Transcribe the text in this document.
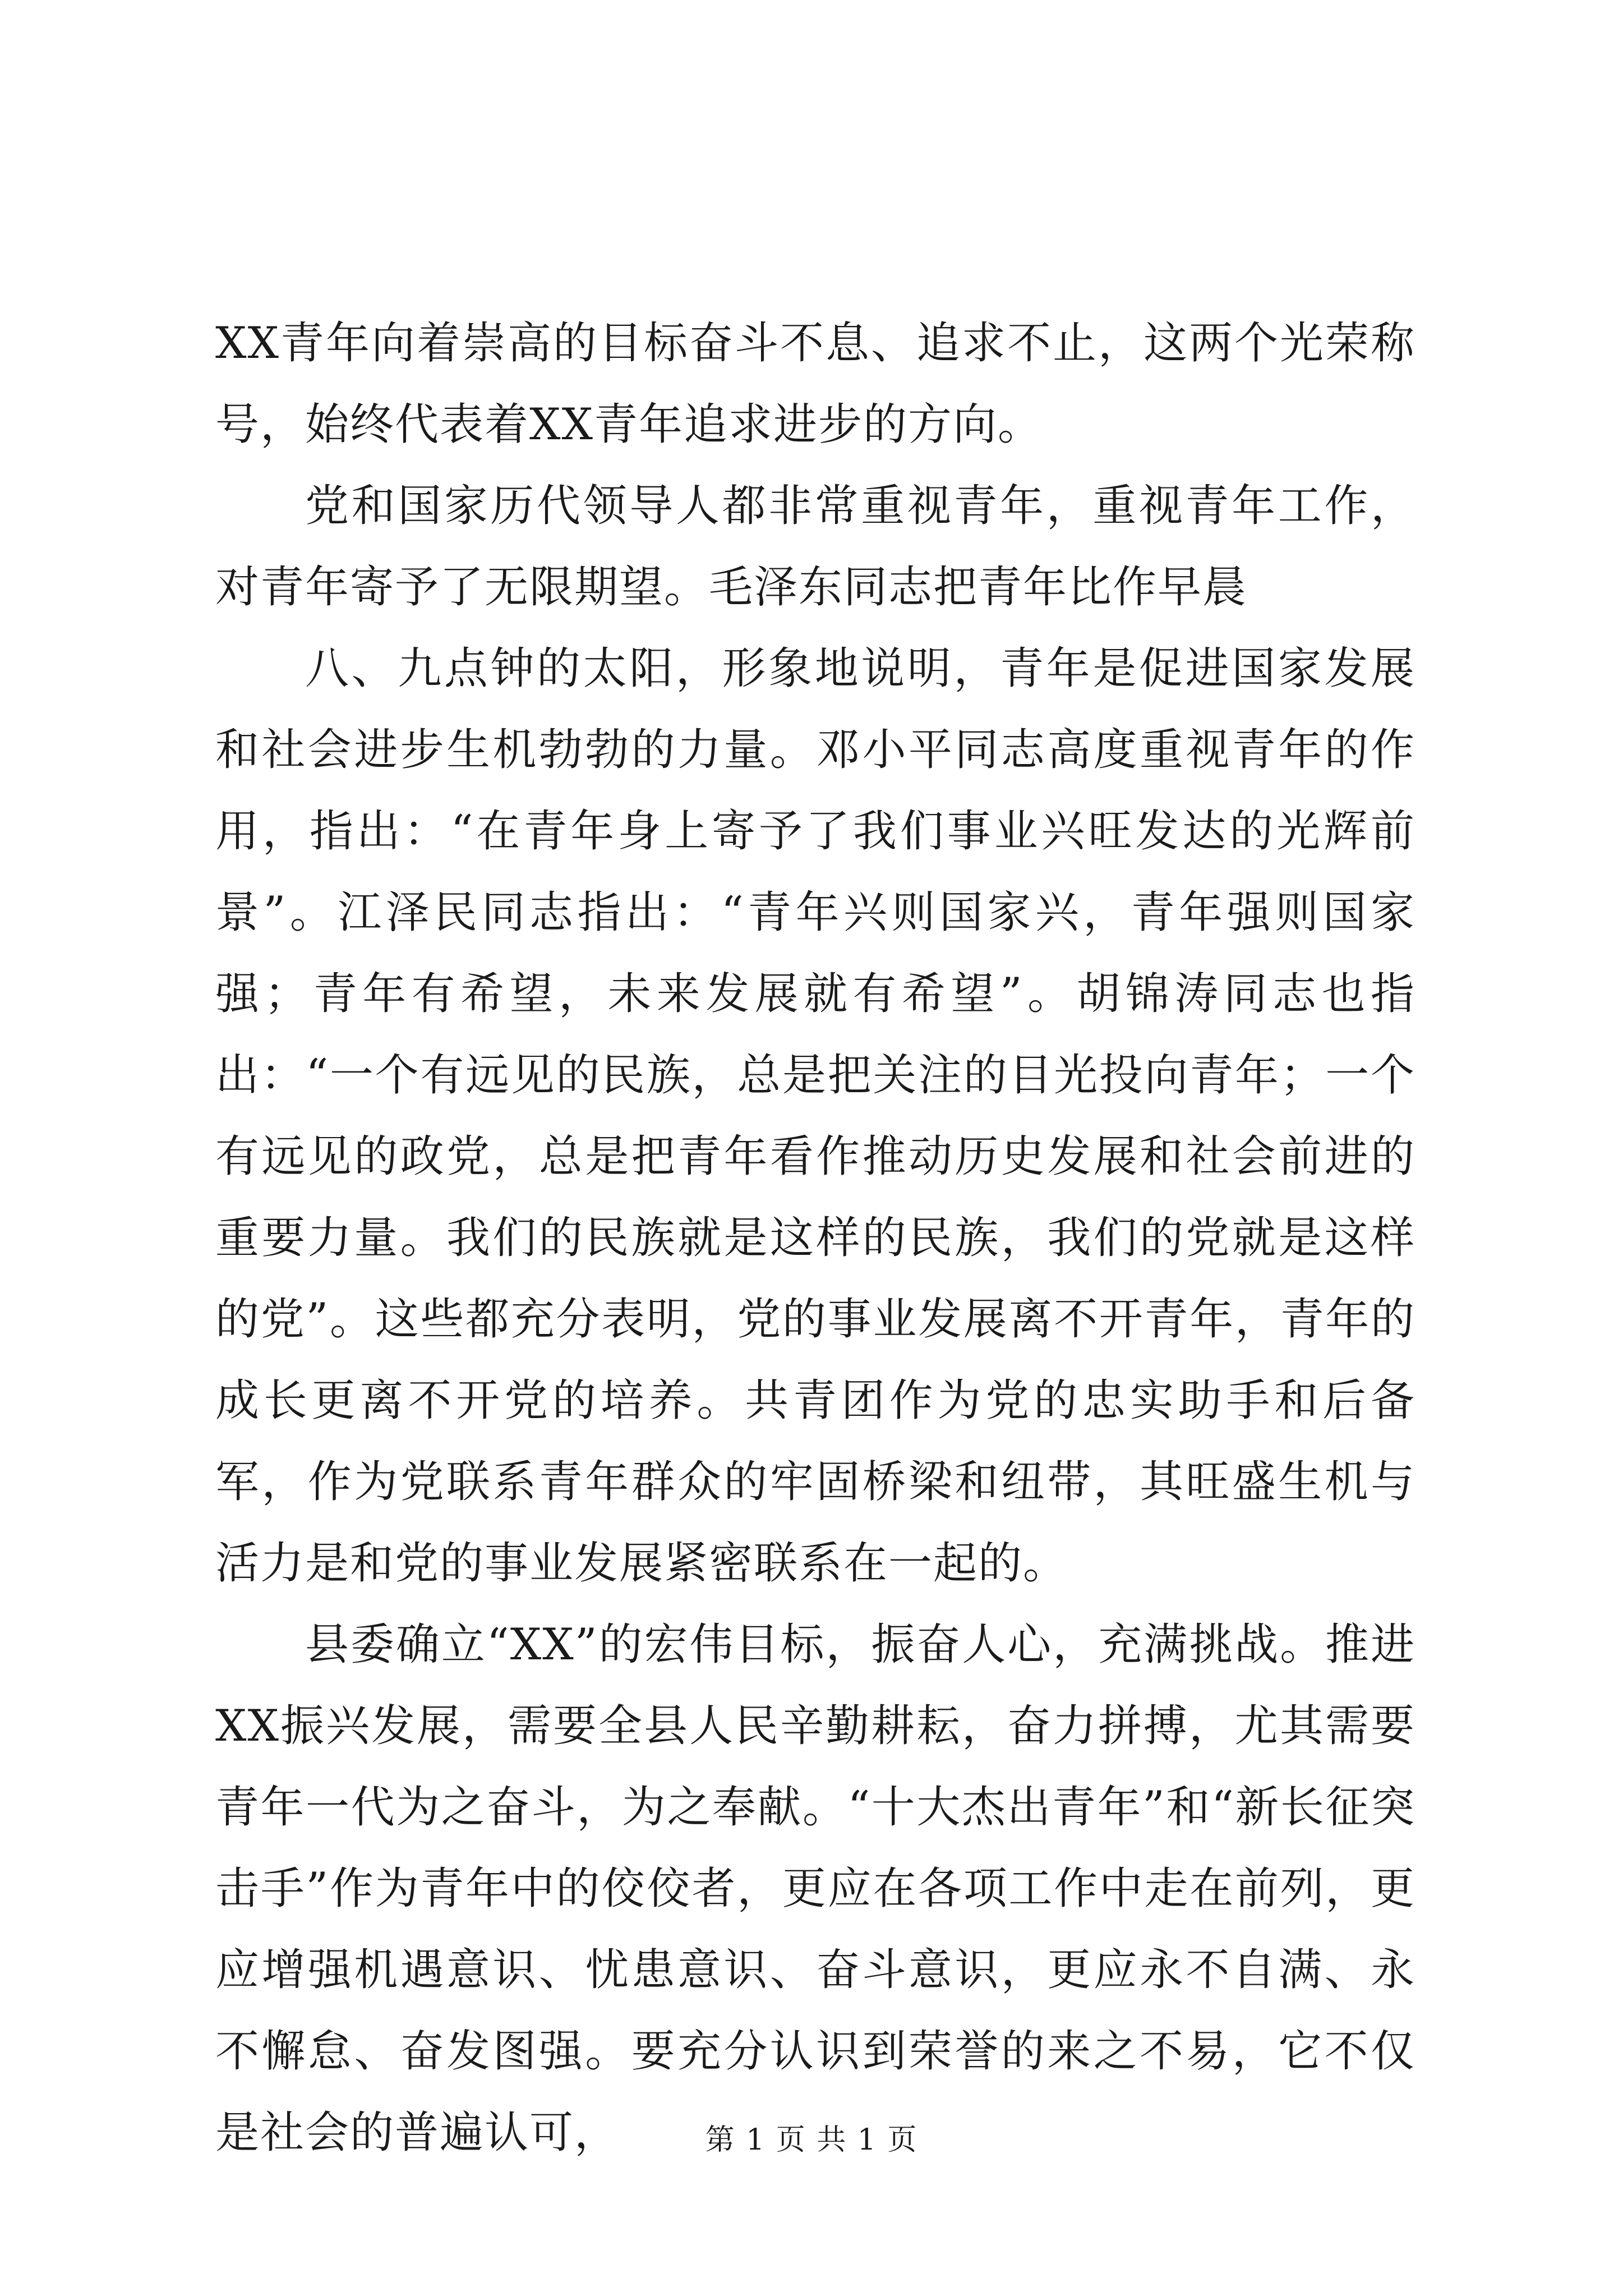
XX青年向着崇高的目标奋斗不息、追求不止，这两个光荣称号，始终代表着XX青年追求进步的方向。

党和国家历代领导人都非常重视青年，重视青年工作，对青年寄予了无限期望。毛泽东同志把青年比作早晨

八、九点钟的太阳，形象地说明，青年是促进国家发展和社会进步生机勃勃的力量。邓小平同志高度重视青年的作用，指出：“在青年身上寄予了我们事业兴旺发达的光辉前景”。江泽民同志指出：“青年兴则国家兴，青年强则国家强；青年有希望，未来发展就有希望”。胡锦涛同志也指出：“一个有远见的民族，总是把关注的目光投向青年；一个有远见的政党，总是把青年看作推动历史发展和社会前进的重要力量。我们的民族就是这样的民族，我们的党就是这样的党”。这些都充分表明，党的事业发展离不开青年，青年的成长更离不开党的培养。共青团作为党的忠实助手和后备军，作为党联系青年群众的牢固桥梁和纽带，其旺盛生机与活力是和党的事业发展紧密联系在一起的。

县委确立“XX”的宏伟目标，振奋人心，充满挑战。推进XX振兴发展，需要全县人民辛勤耕耘，奋力拼搏，尤其需要青年一代为之奋斗，为之奉献。“十大杰出青年”和“新长征突击手”作为青年中的佼佼者，更应在各项工作中走在前列，更应增强机遇意识、忧患意识、奋斗意识，更应永不自满、永不懈怠、奋发图强。要充分认识到荣誉的来之不易，它不仅是社会的普遍认可，	第 1 页 共 1 页
